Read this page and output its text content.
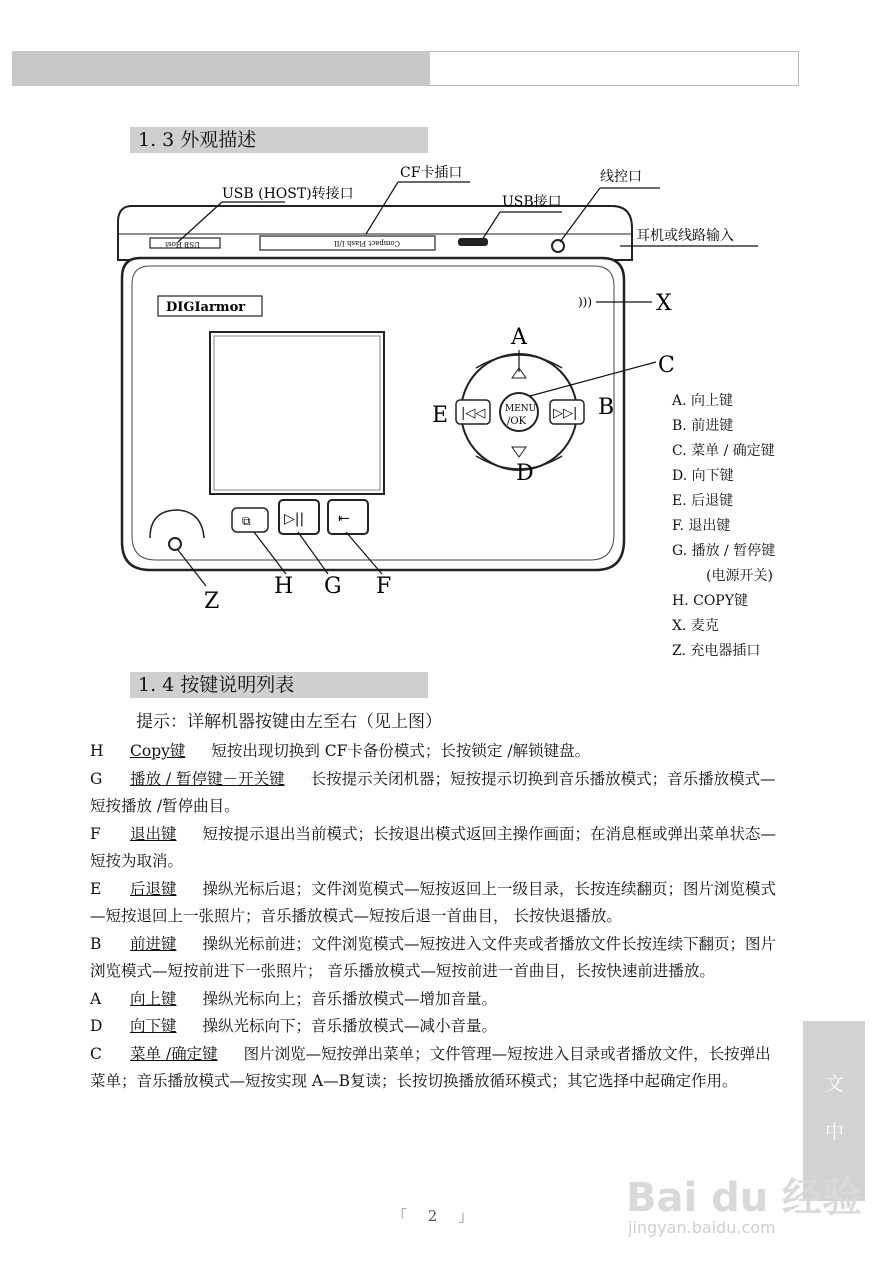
1. 3 外观描述
USB Host	Compact Flash I/II
DIGIarmor	)))
|◁◁	▷▷|
MENU
/OK
⧉ ▷|| ⇤
USB (HOST)转接口
CF卡插口
USB接口
线控口
耳机或线路输入
X
A
C
E	B
D
H G F
Z
A. 向上键
B. 前进键
C. 菜单 / 确定键
D. 向下键
E. 后退键
F. 退出键
G. 播放 / 暂停键
(电源开关)
H. COPY键
X. 麦克
Z. 充电器插口
1. 4 按键说明列表
提示：详解机器按键由左至右（见上图）

H Copy键 短按出现切换到 CF卡备份模式；长按锁定 /解锁键盘。

G 播放 / 暂停键－开关键 长按提示关闭机器；短按提示切换到音乐播放模式；音乐播放模式—短按播放 /暂停曲目。

F 退出键 短按提示退出当前模式；长按退出模式返回主操作画面；在消息框或弹出菜单状态—短按为取消。

E 后退键 操纵光标后退；文件浏览模式—短按返回上一级目录，长按连续翻页；图片浏览模式—短按退回上一张照片；音乐播放模式—短按后退一首曲目， 长按快退播放。

B 前进键 操纵光标前进；文件浏览模式—短按进入文件夹或者播放文件长按连续下翻页；图片浏览模式—短按前进下一张照片； 音乐播放模式—短按前进一首曲目，长按快速前进播放。

A 向上键 操纵光标向上；音乐播放模式—增加音量。

D 向下键 操纵光标向下；音乐播放模式—减小音量。

C 菜单 /确定键 图片浏览—短按弹出菜单；文件管理—短按进入目录或者播放文件，长按弹出菜单；音乐播放模式—短按实现 A—B复读；长按切换播放循环模式；其它选择中起确定作用。	文
中
「 2 」	Bai du 经验
jingyan.baidu.com
